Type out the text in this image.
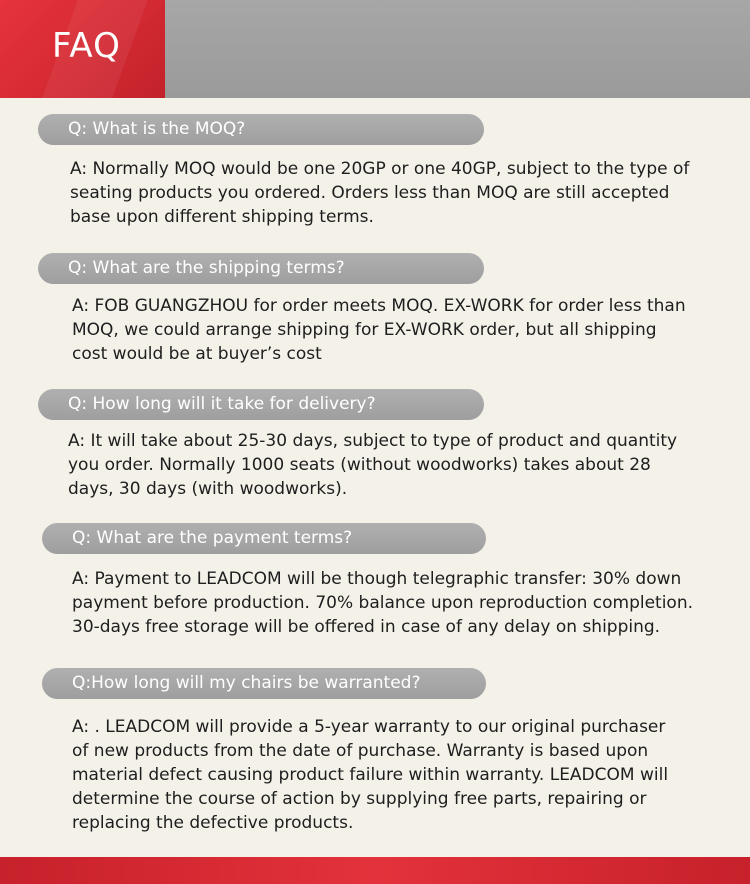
FAQ
Q: What is the MOQ?
A: Normally MOQ would be one 20GP or one 40GP, subject to the type of
seating products you ordered. Orders less than MOQ are still accepted
base upon different shipping terms.
Q: What are the shipping terms?
A: FOB GUANGZHOU for order meets MOQ. EX-WORK for order less than
MOQ, we could arrange shipping for EX-WORK order, but all shipping
cost would be at buyer’s cost
Q: How long will it take for delivery?
A: It will take about 25-30 days, subject to type of product and quantity
you order. Normally 1000 seats (without woodworks) takes about 28
days, 30 days (with woodworks).
Q: What are the payment terms?
A: Payment to LEADCOM will be though telegraphic transfer: 30% down
payment before production. 70% balance upon reproduction completion.
30-days free storage will be offered in case of any delay on shipping.
Q:How long will my chairs be warranted?
A: . LEADCOM will provide a 5-year warranty to our original purchaser
of new products from the date of purchase. Warranty is based upon
material defect causing product failure within warranty. LEADCOM will
determine the course of action by supplying free parts, repairing or
replacing the defective products.
